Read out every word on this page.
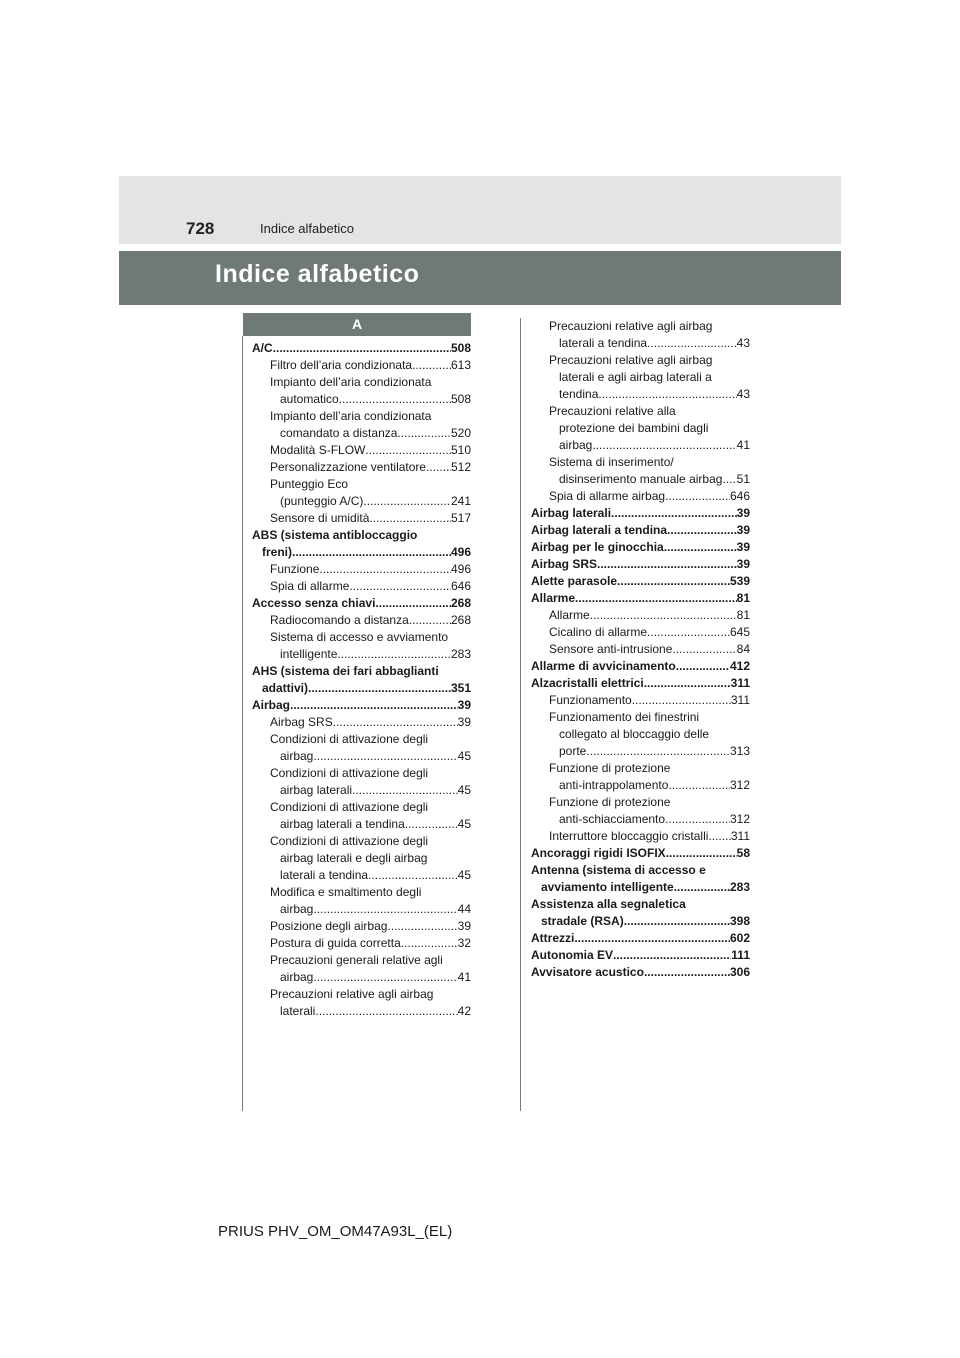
728	Indice alfabetico
Indice alfabetico
A
A/C .....	508
Filtro dell’aria condizionata .....	613
Impianto dell’aria condizionata
automatico .....	508
Impianto dell’aria condizionata
comandato a distanza .....	520
Modalità S-FLOW .....	510
Personalizzazione ventilatore ..... 512
Punteggio Eco
(punteggio A/C) .....	241
Sensore di umidità .....	517
ABS (sistema antibloccaggio
freni) .....	496
Funzione .....	496
Spia di allarme .....	646
Accesso senza chiavi .....	268
Radiocomando a distanza .....	268
Sistema di accesso e avviamento
intelligente .....	283
AHS (sistema dei fari abbaglianti
adattivi) .....	351
Airbag .....	39
Airbag SRS .....	39
Condizioni di attivazione degli
airbag .....	45
Condizioni di attivazione degli
airbag laterali .....	45
Condizioni di attivazione degli
airbag laterali a tendina .....	45
Condizioni di attivazione degli
airbag laterali e degli airbag
laterali a tendina .....	45
Modifica e smaltimento degli
airbag .....	44
Posizione degli airbag .....	39
Postura di guida corretta .....	32
Precauzioni generali relative agli
airbag .....	41
Precauzioni relative agli airbag
laterali .....	42
Precauzioni relative agli airbag
laterali a tendina .....	43
Precauzioni relative agli airbag
laterali e agli airbag laterali a
tendina .....	43
Precauzioni relative alla
protezione dei bambini dagli
airbag .....	41
Sistema di inserimento/
disinserimento manuale airbag ..... 51
Spia di allarme airbag .....	646
Airbag laterali .....	39
Airbag laterali a tendina .....	39
Airbag per le ginocchia .....	39
Airbag SRS .....	39
Alette parasole .....	539
Allarme .....	81
Allarme .....	81
Cicalino di allarme .....	645
Sensore anti-intrusione .....	84
Allarme di avvicinamento .....	412
Alzacristalli elettrici .....	311
Funzionamento .....	311
Funzionamento dei finestrini
collegato al bloccaggio delle
porte .....	313
Funzione di protezione
anti-intrappolamento .....	312
Funzione di protezione
anti-schiacciamento .....	312
Interruttore bloccaggio cristalli ..... 311
Ancoraggi rigidi ISOFIX .....	58
Antenna (sistema di accesso e
avviamento intelligente .....	283
Assistenza alla segnaletica
stradale (RSA) .....	398
Attrezzi .....	602
Autonomia EV .....	111
Avvisatore acustico .....	306
PRIUS PHV_OM_OM47A93L_(EL)
